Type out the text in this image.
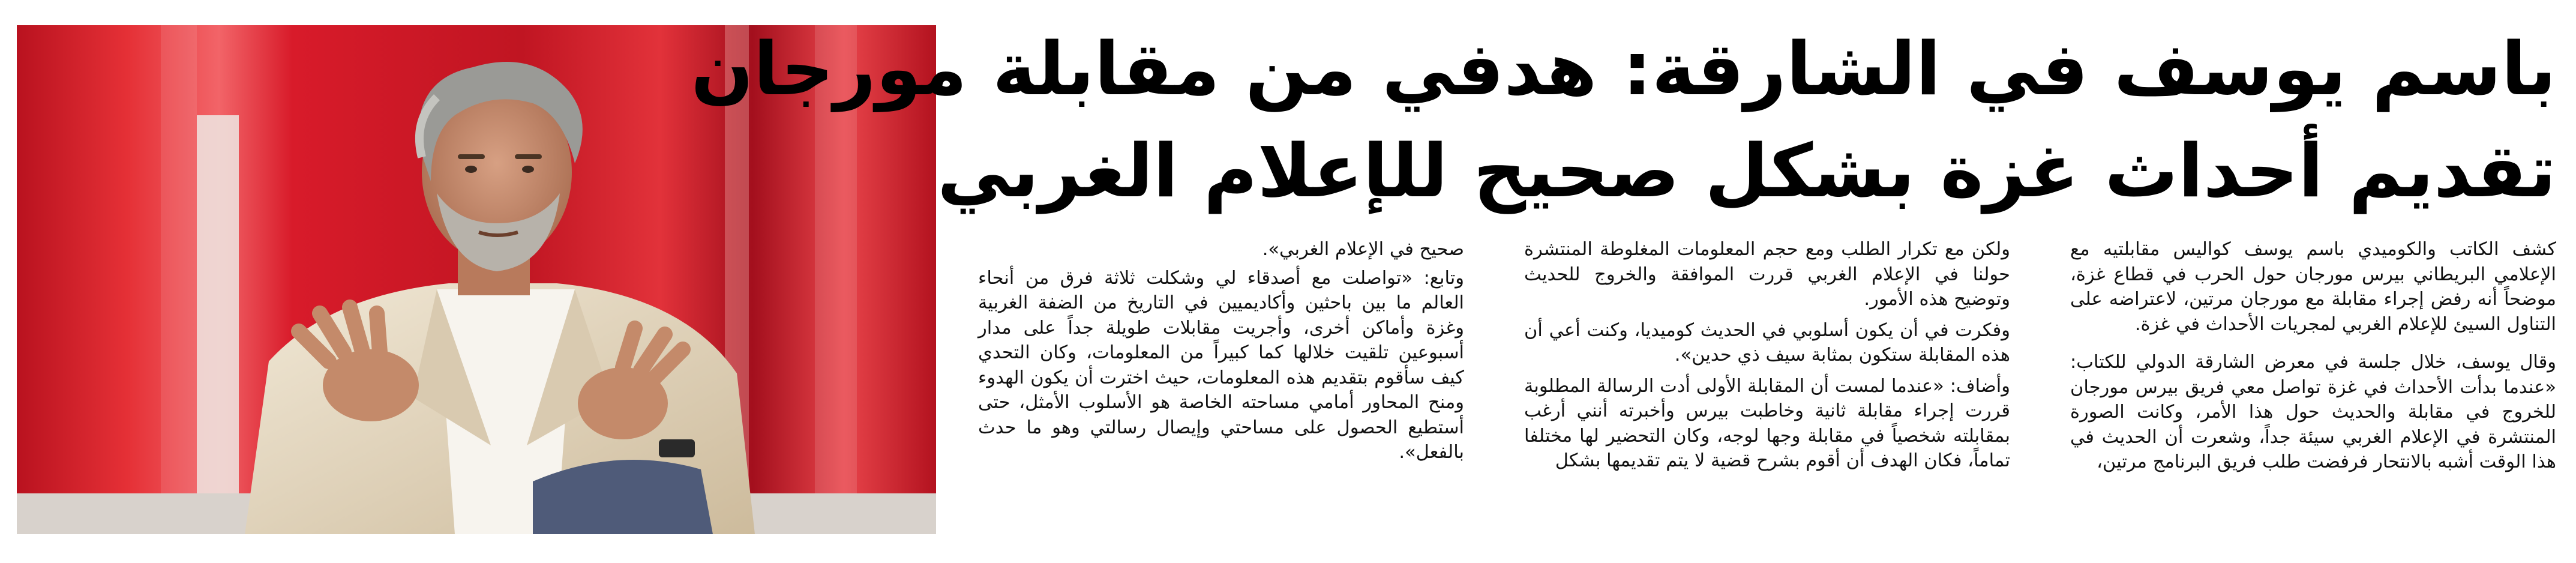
باسم يوسف في الشارقة: هدفي من مقابلة مورجان
تقديم أحداث غزة بشكل صحيح للإعلام الغربي

كشف الكاتب والكوميدي باسم يوسف كواليس مقابلتيه مع الإعلامي البريطاني بيرس مورجان حول الحرب في قطاع غزة، موضحاً أنه رفض إجراء مقابلة مع مورجان مرتين، لاعتراضه على التناول السيئ للإعلام الغربي لمجريات الأحداث في غزة.

وقال يوسف، خلال جلسة في معرض الشارقة الدولي للكتاب: «عندما بدأت الأحداث في غزة تواصل معي فريق بيرس مورجان للخروج في مقابلة والحديث حول هذا الأمر، وكانت الصورة المنتشرة في الإعلام الغربي سيئة جداً، وشعرت أن الحديث في هذا الوقت أشبه بالانتحار فرفضت طلب فريق البرنامج مرتين،

ولكن مع تكرار الطلب ومع حجم المعلومات المغلوطة المنتشرة حولنا في الإعلام الغربي قررت الموافقة والخروج للحديث وتوضيح هذه الأمور.

وفكرت في أن يكون أسلوبي في الحديث كوميديا، وكنت أعي أن هذه المقابلة ستكون بمثابة سيف ذي حدين».

وأضاف: «عندما لمست أن المقابلة الأولى أدت الرسالة المطلوبة قررت إجراء مقابلة ثانية وخاطبت بيرس وأخبرته أنني أرغب بمقابلته شخصياً في مقابلة وجها لوجه، وكان التحضير لها مختلفا تماماً، فكان الهدف أن أقوم بشرح قضية لا يتم تقديمها بشكل

صحيح في الإعلام الغربي».

وتابع: «تواصلت مع أصدقاء لي وشكلت ثلاثة فرق من أنحاء العالم ما بين باحثين وأكاديميين في التاريخ من الضفة الغربية وغزة وأماكن أخرى، وأجريت مقابلات طويلة جداً على مدار أسبوعين تلقيت خلالها كما كبيراً من المعلومات، وكان التحدي كيف سأقوم بتقديم هذه المعلومات، حيث اخترت أن يكون الهدوء ومنح المحاور أمامي مساحته الخاصة هو الأسلوب الأمثل، حتى أستطيع الحصول على مساحتي وإيصال رسالتي وهو ما حدث بالفعل».
